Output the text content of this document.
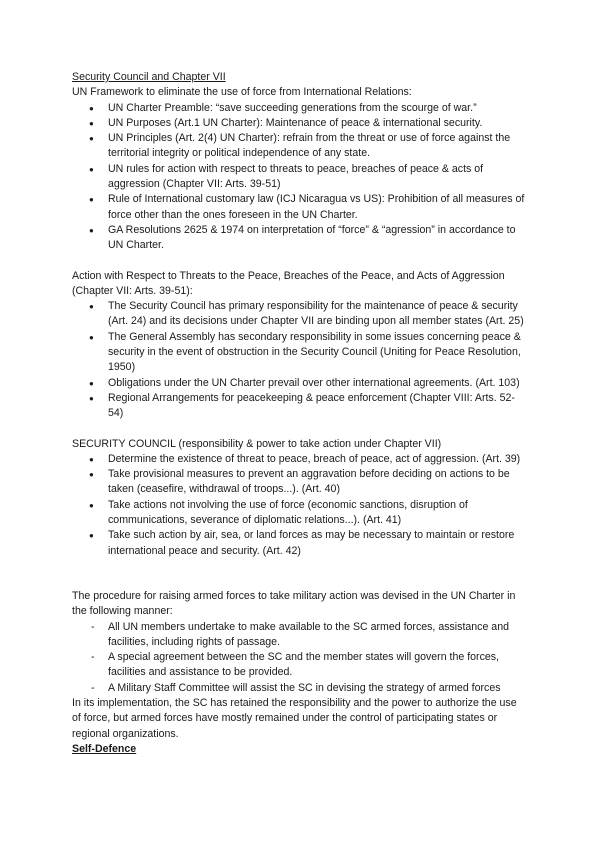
Security Council and Chapter VII

UN Framework to eliminate the use of force from International Relations:

● UN Charter Preamble: “save succeeding generations from the scourge of war.”
● UN Purposes (Art.1 UN Charter): Maintenance of peace & international security.
● UN Principles (Art. 2(4) UN Charter): refrain from the threat or use of force against the territorial integrity or political independence of any state.
● UN rules for action with respect to threats to peace, breaches of peace & acts of aggression (Chapter VII: Arts. 39-51)
● Rule of International customary law (ICJ Nicaragua vs US): Prohibition of all measures of force other than the ones foreseen in the UN Charter.
● GA Resolutions 2625 & 1974 on interpretation of “force” & “agression” in accordance to UN Charter.

Action with Respect to Threats to the Peace, Breaches of the Peace, and Acts of Aggression (Chapter VII: Arts. 39-51):

● The Security Council has primary responsibility for the maintenance of peace & security (Art. 24) and its decisions under Chapter VII are binding upon all member states (Art. 25)
● The General Assembly has secondary responsibility in some issues concerning peace & security in the event of obstruction in the Security Council (Uniting for Peace Resolution, 1950)
● Obligations under the UN Charter prevail over other international agreements. (Art. 103)
● Regional Arrangements for peacekeeping & peace enforcement (Chapter VIII: Arts. 52-54)

SECURITY COUNCIL (responsibility & power to take action under Chapter VII)

● Determine the existence of threat to peace, breach of peace, act of aggression. (Art. 39)
● Take provisional measures to prevent an aggravation before deciding on actions to be taken (ceasefire, withdrawal of troops...). (Art. 40)
● Take actions not involving the use of force (economic sanctions, disruption of communications, severance of diplomatic relations...). (Art. 41)
● Take such action by air, sea, or land forces as may be necessary to maintain or restore international peace and security. (Art. 42)

The procedure for raising armed forces to take military action was devised in the UN Charter in the following manner:

- All UN members undertake to make available to the SC armed forces, assistance and facilities, including rights of passage.
- A special agreement between the SC and the member states will govern the forces, facilities and assistance to be provided.
- A Military Staff Committee will assist the SC in devising the strategy of armed forces

In its implementation, the SC has retained the responsibility and the power to authorize the use of force, but armed forces have mostly remained under the control of participating states or regional organizations.

Self-Defence
